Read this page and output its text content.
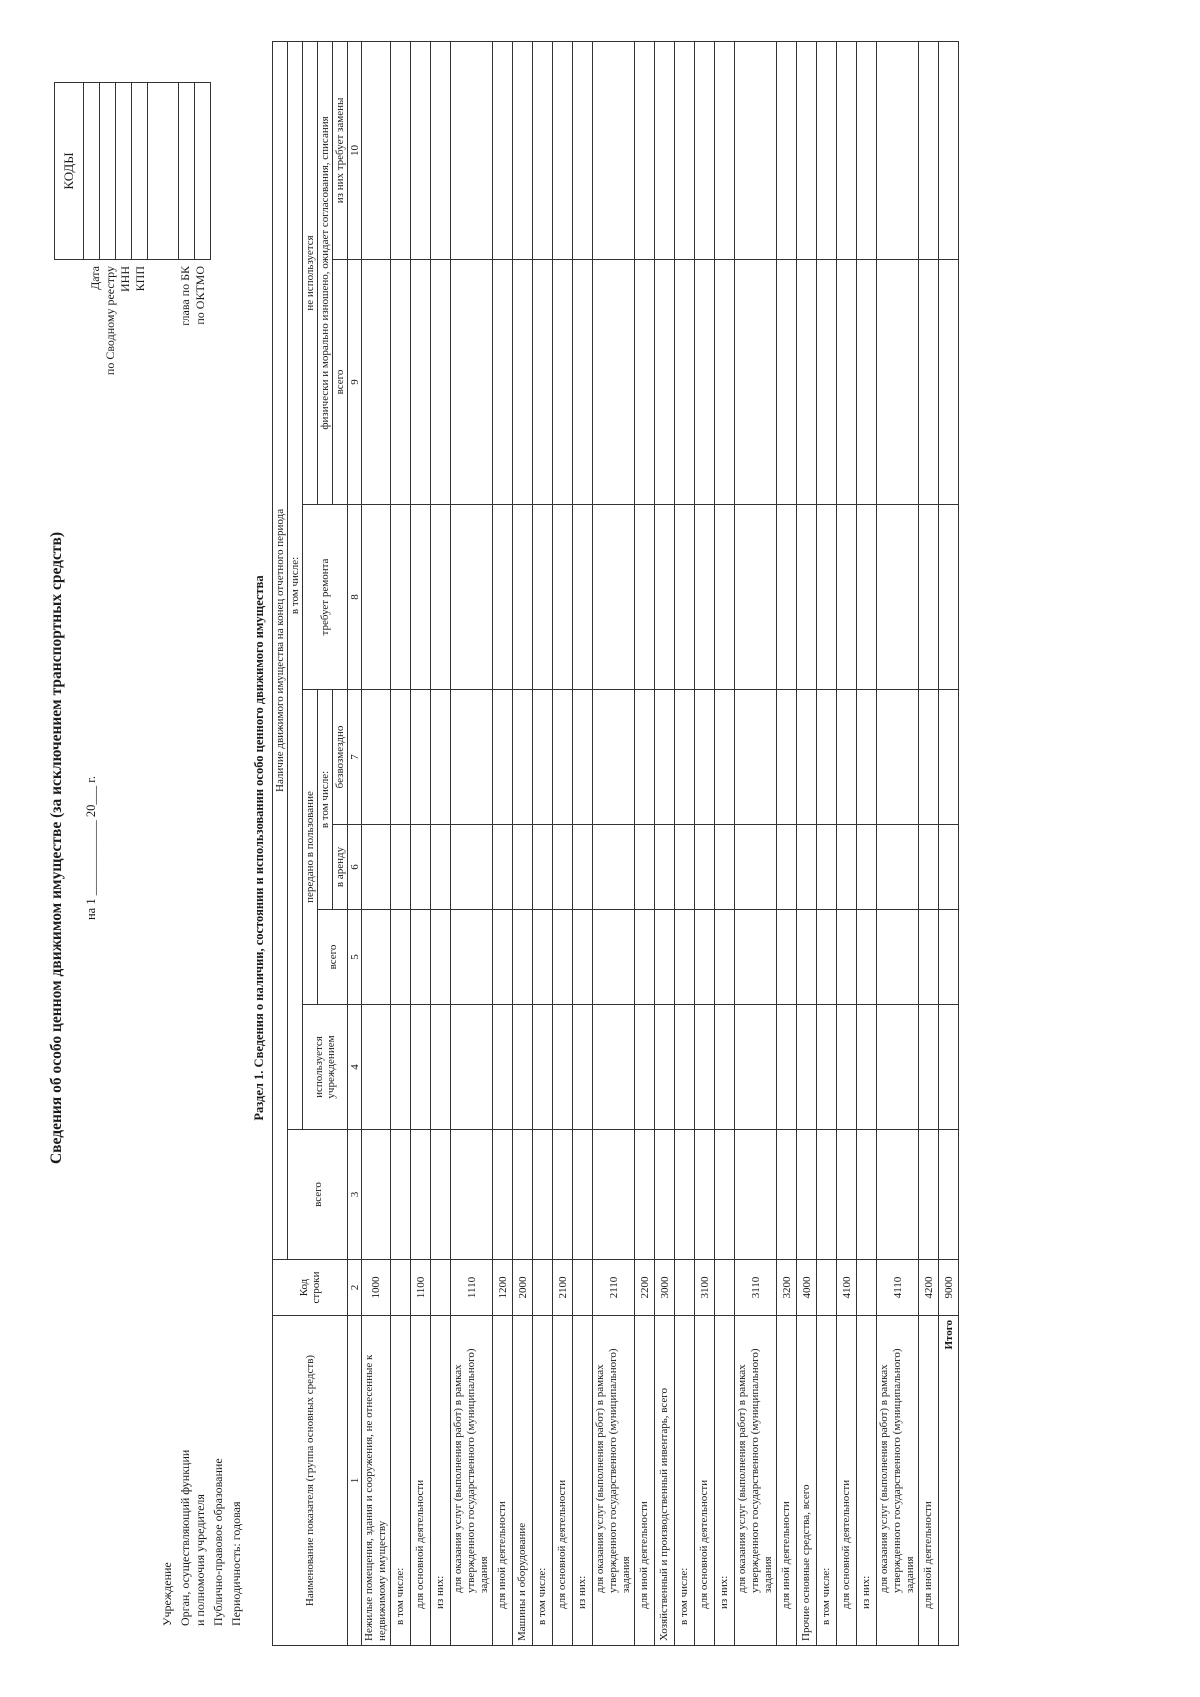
Сведения об особо ценном движимом имуществе (за исключением транспортных средств) на 1 ____________ 20___ г.
Учреждение Орган, осуществляющий функции
и полномочия учредителя Публично-правовое образование Периодичность: годовая
Дата по Сводному реестру ИНН КПП	глава по БК по ОКТМО
КОДЫ

Раздел 1. Сведения о наличии, состоянии и использовании особо ценного движимого имущества
Наименование показателя (группа основных средств)	Код строки	Наличие движимого имущества на конец отчетного периода							
		всего	в том числе:						
			используется учреждением	передано в пользование			требует ремонта	не используется	
				всего	в том числе:			физически и морально изношено, ожидает согласования, списания	
					в аренду	безвозмездно		всего	из них требует замены
1	2	3	4	5	6	7	8	9	10
Нежилые помещения, здания и сооружения, не отнесенные к недвижимому имуществу	1000								
в том числе:									
для основной деятельности	1100								
из них:									
для оказания услуг (выполнения работ) в рамках утвержденного государственного (муниципального) задания	1110								
для иной деятельности	1200								
Машины и оборудование	2000								
в том числе:									
для основной деятельности	2100								
из них:									
для оказания услуг (выполнения работ) в рамках утвержденного государственного (муниципального) задания	2110								
для иной деятельности	2200								
Хозяйственный и производственный инвентарь, всего	3000								
в том числе:									
для основной деятельности	3100								
из них:									
для оказания услуг (выполнения работ) в рамках утвержденного государственного (муниципального) задания	3110								
для иной деятельности	3200								
Прочие основные средства, всего	4000								
в том числе:									
для основной деятельности	4100								
из них:									
для оказания услуг (выполнения работ) в рамках утвержденного государственного (муниципального) задания	4110								
для иной деятельности	4200								
Итого	9000								
